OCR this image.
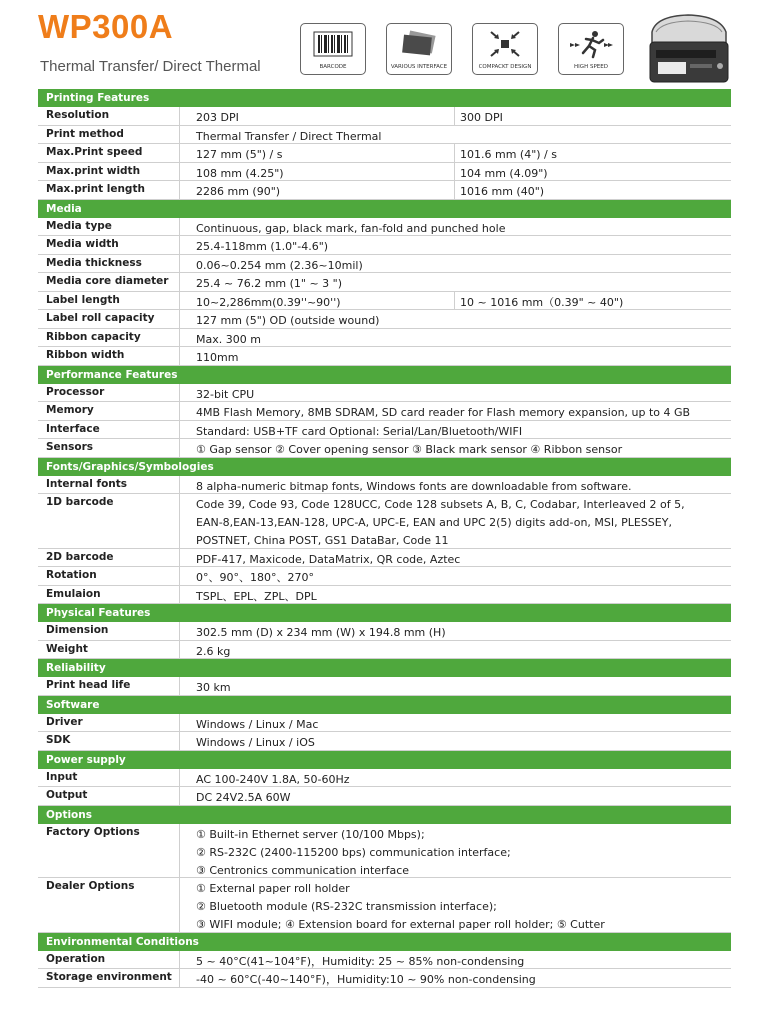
WP300A
Thermal Transfer/ Direct Thermal	BARCODE	VARIOUS INTERFACE	COMPACKT DESIGN	HIGH SPEED
Printing Features
Resolution	203 DPI	300 DPI
Print method	Thermal Transfer / Direct Thermal
Max.Print speed	127 mm (5") / s	101.6 mm (4") / s
Max.print width	108 mm (4.25")	104 mm (4.09")
Max.print length	2286 mm (90")	1016 mm (40")
Media
Media type	Continuous, gap, black mark, fan-fold and punched hole
Media width	25.4-118mm (1.0"-4.6")
Media thickness	0.06~0.254 mm (2.36~10mil)
Media core diameter	25.4 ~ 76.2 mm (1" ~ 3 ")
Label length	10~2,286mm(0.39''~90'')	10 ~ 1016 mm（0.39" ~ 40")
Label roll capacity	127 mm (5") OD (outside wound)
Ribbon capacity	Max. 300 m
Ribbon width	110mm
Performance Features
Processor	32-bit CPU
Memory	4MB Flash Memory, 8MB SDRAM, SD card reader for Flash memory expansion, up to 4 GB
Interface	Standard: USB+TF card Optional: Serial/Lan/Bluetooth/WIFI
Sensors	① Gap sensor ② Cover opening sensor ③ Black mark sensor ④ Ribbon sensor
Fonts/Graphics/Symbologies
Internal fonts	8 alpha-numeric bitmap fonts, Windows fonts are downloadable from software.
1D barcode	Code 39, Code 93, Code 128UCC, Code 128 subsets A, B, C, Codabar, Interleaved 2 of 5,
EAN-8,EAN-13,EAN-128, UPC-A, UPC-E, EAN and UPC 2(5) digits add-on, MSI, PLESSEY,
POSTNET, China POST, GS1 DataBar, Code 11
2D barcode	PDF-417, Maxicode, DataMatrix, QR code, Aztec
Rotation	0°、90°、180°、270°
Emulaion	TSPL、EPL、ZPL、DPL
Physical Features
Dimension	302.5 mm (D) x 234 mm (W) x 194.8 mm (H)
Weight	2.6 kg
Reliability
Print head life	30 km
Software
Driver	Windows / Linux / Mac
SDK	Windows / Linux / iOS
Power supply
Input	AC 100-240V 1.8A, 50-60Hz
Output	DC 24V2.5A 60W
Options
Factory Options	① Built-in Ethernet server (10/100 Mbps);
② RS-232C (2400-115200 bps) communication interface;
③ Centronics communication interface
Dealer Options	① External paper roll holder
② Bluetooth module (RS-232C transmission interface);
③ WIFI module; ④ Extension board for external paper roll holder; ⑤ Cutter
Environmental Conditions
Operation	5 ~ 40°C(41~104°F)，Humidity: 25 ~ 85% non-condensing
Storage environment	-40 ~ 60°C(-40~140°F)，Humidity:10 ~ 90% non-condensing
